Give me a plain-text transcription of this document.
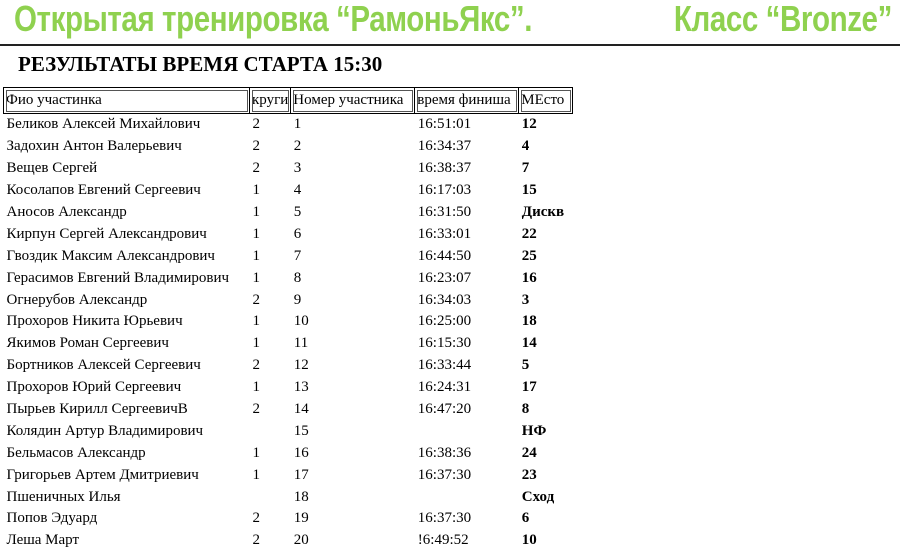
Открытая тренировка “РамоньЯкс”.	Класс “Bronze”
РЕЗУЛЬТАТЫ ВРЕМЯ СТАРТА 15:30
Фио участинка	круги	Номер участника	время финиша	МЕсто
Беликов Алексей Михайлович	2	1	16:51:01	12
Задохин Антон Валерьевич	2	2	16:34:37	4
Вещев Сергей	2	3	16:38:37	7
Косолапов Евгений Сергеевич	1	4	16:17:03	15
Аносов Александр	1	5	16:31:50	Дискв
Кирпун Сергей Александрович	1	6	16:33:01	22
Гвоздик Максим Александрович	1	7	16:44:50	25
Герасимов Евгений Владимирович	1	8	16:23:07	16
Огнерубов Александр	2	9	16:34:03	3
Прохоров Никита Юрьевич	1	10	16:25:00	18
Якимов Роман Сергеевич	1	11	16:15:30	14
Бортников Алексей Сергеевич	2	12	16:33:44	5
Прохоров Юрий Сергеевич	1	13	16:24:31	17
Пырьев Кирилл СергеевичВ	2	14	16:47:20	8
Колядин Артур Владимирович		15		НФ
Бельмасов Александр	1	16	16:38:36	24
Григорьев Артем Дмитриевич	1	17	16:37:30	23
Пшеничных Илья		18		Сход
Попов Эдуард	2	19	16:37:30	6
Леша Март	2	20	!6:49:52	10
